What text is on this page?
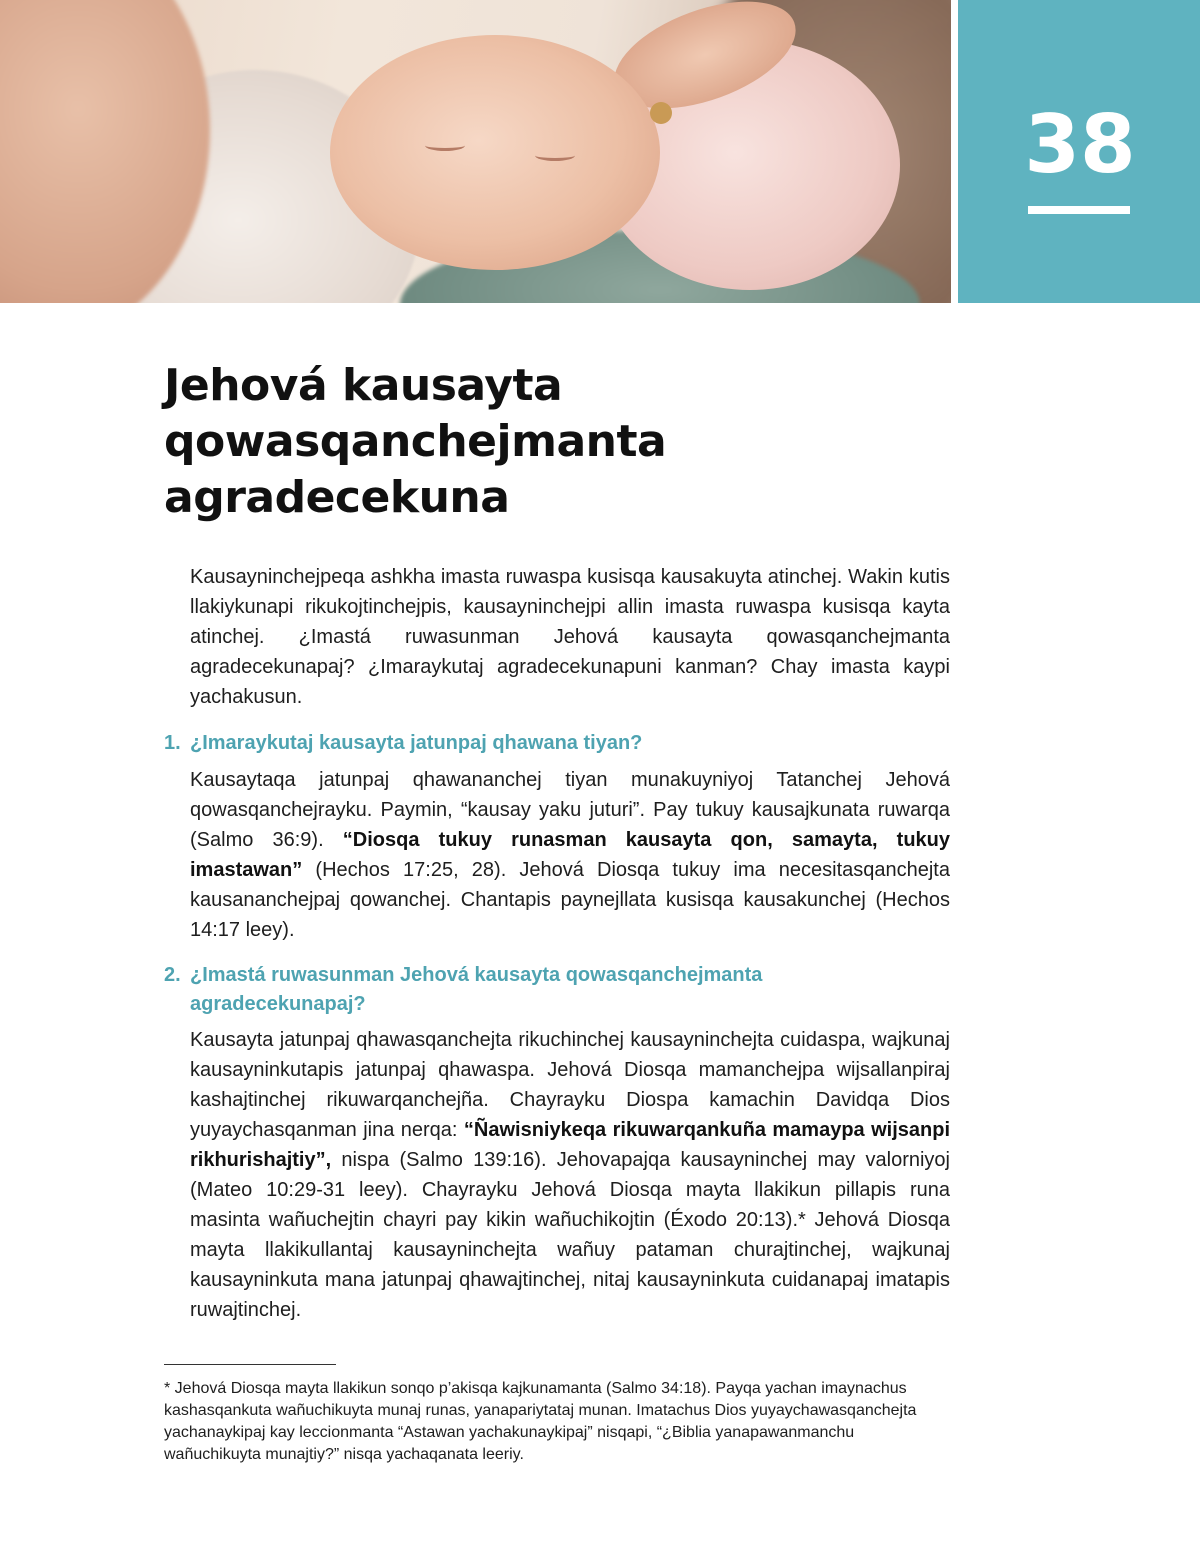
38
Jehová kausayta qowasqanchejmanta agradecekuna

Kausayninchejpeqa ashkha imasta ruwaspa kusisqa kausakuyta atinchej. Wakin kutis llakiykunapi rikukojtinchejpis, kausayninchejpi allin imasta ruwaspa kusisqa kayta atinchej. ¿Imastá ruwasunman Jehová kausayta qowasqanchejmanta agradecekunapaj? ¿Imaraykutaj agradecekunapuni kanman? Chay imasta kaypi yachakusun.

1. ¿Imaraykutaj kausayta jatunpaj qhawana tiyan?

Kausaytaqa jatunpaj qhawananchej tiyan munakuyniyoj Tatanchej Jehová qowasqanchejrayku. Paymin, “kausay yaku juturi”. Pay tukuy kausajkunata ruwarqa (Salmo 36:9). “Diosqa tukuy runasman kausayta qon, samayta, tukuy imastawan” (Hechos 17:25, 28). Jehová Diosqa tukuy ima necesitasqanchejta kausananchejpaj qowanchej. Chantapis paynejllata kusisqa kausakunchej (Hechos 14:17 leey).

2. ¿Imastá ruwasunman Jehová kausayta qowasqanchejmanta agradecekunapaj?

Kausayta jatunpaj qhawasqanchejta rikuchinchej kausayninchejta cuidaspa, wajkunaj kausayninkutapis jatunpaj qhawaspa. Jehová Diosqa mamanchejpa wijsallanpiraj kashajtinchej rikuwarqanchejña. Chayrayku Diospa kamachin Davidqa Dios yuyaychasqanman jina nerqa: “Ñawisniykeqa rikuwarqankuña mamaypa wijsanpi rikhurishajtiy”, nispa (Salmo 139:16). Jehovapajqa kausayninchej may valorniyoj (Mateo 10:29-31 leey). Chayrayku Jehová Diosqa mayta llakikun pillapis runa masinta wañuchejtin chayri pay kikin wañuchikojtin (Éxodo 20:13).* Jehová Diosqa mayta llakikullantaj kausayninchejta wañuy pataman churajtinchej, wajkunaj kausayninkuta mana jatunpaj qhawajtinchej, nitaj kausayninkuta cuidanapaj imatapis ruwajtinchej.

* Jehová Diosqa mayta llakikun sonqo p’akisqa kajkunamanta (Salmo 34:18). Payqa yachan imaynachus kashasqankuta wañuchikuyta munaj runas, yanapariytataj munan. Imatachus Dios yuyaychawasqanchejta yachanaykipaj kay leccionmanta “Astawan yachakunaykipaj” nisqapi, “¿Biblia yanapawanmanchu wañuchikuyta munajtiy?” nisqa yachaqanata leeriy.
